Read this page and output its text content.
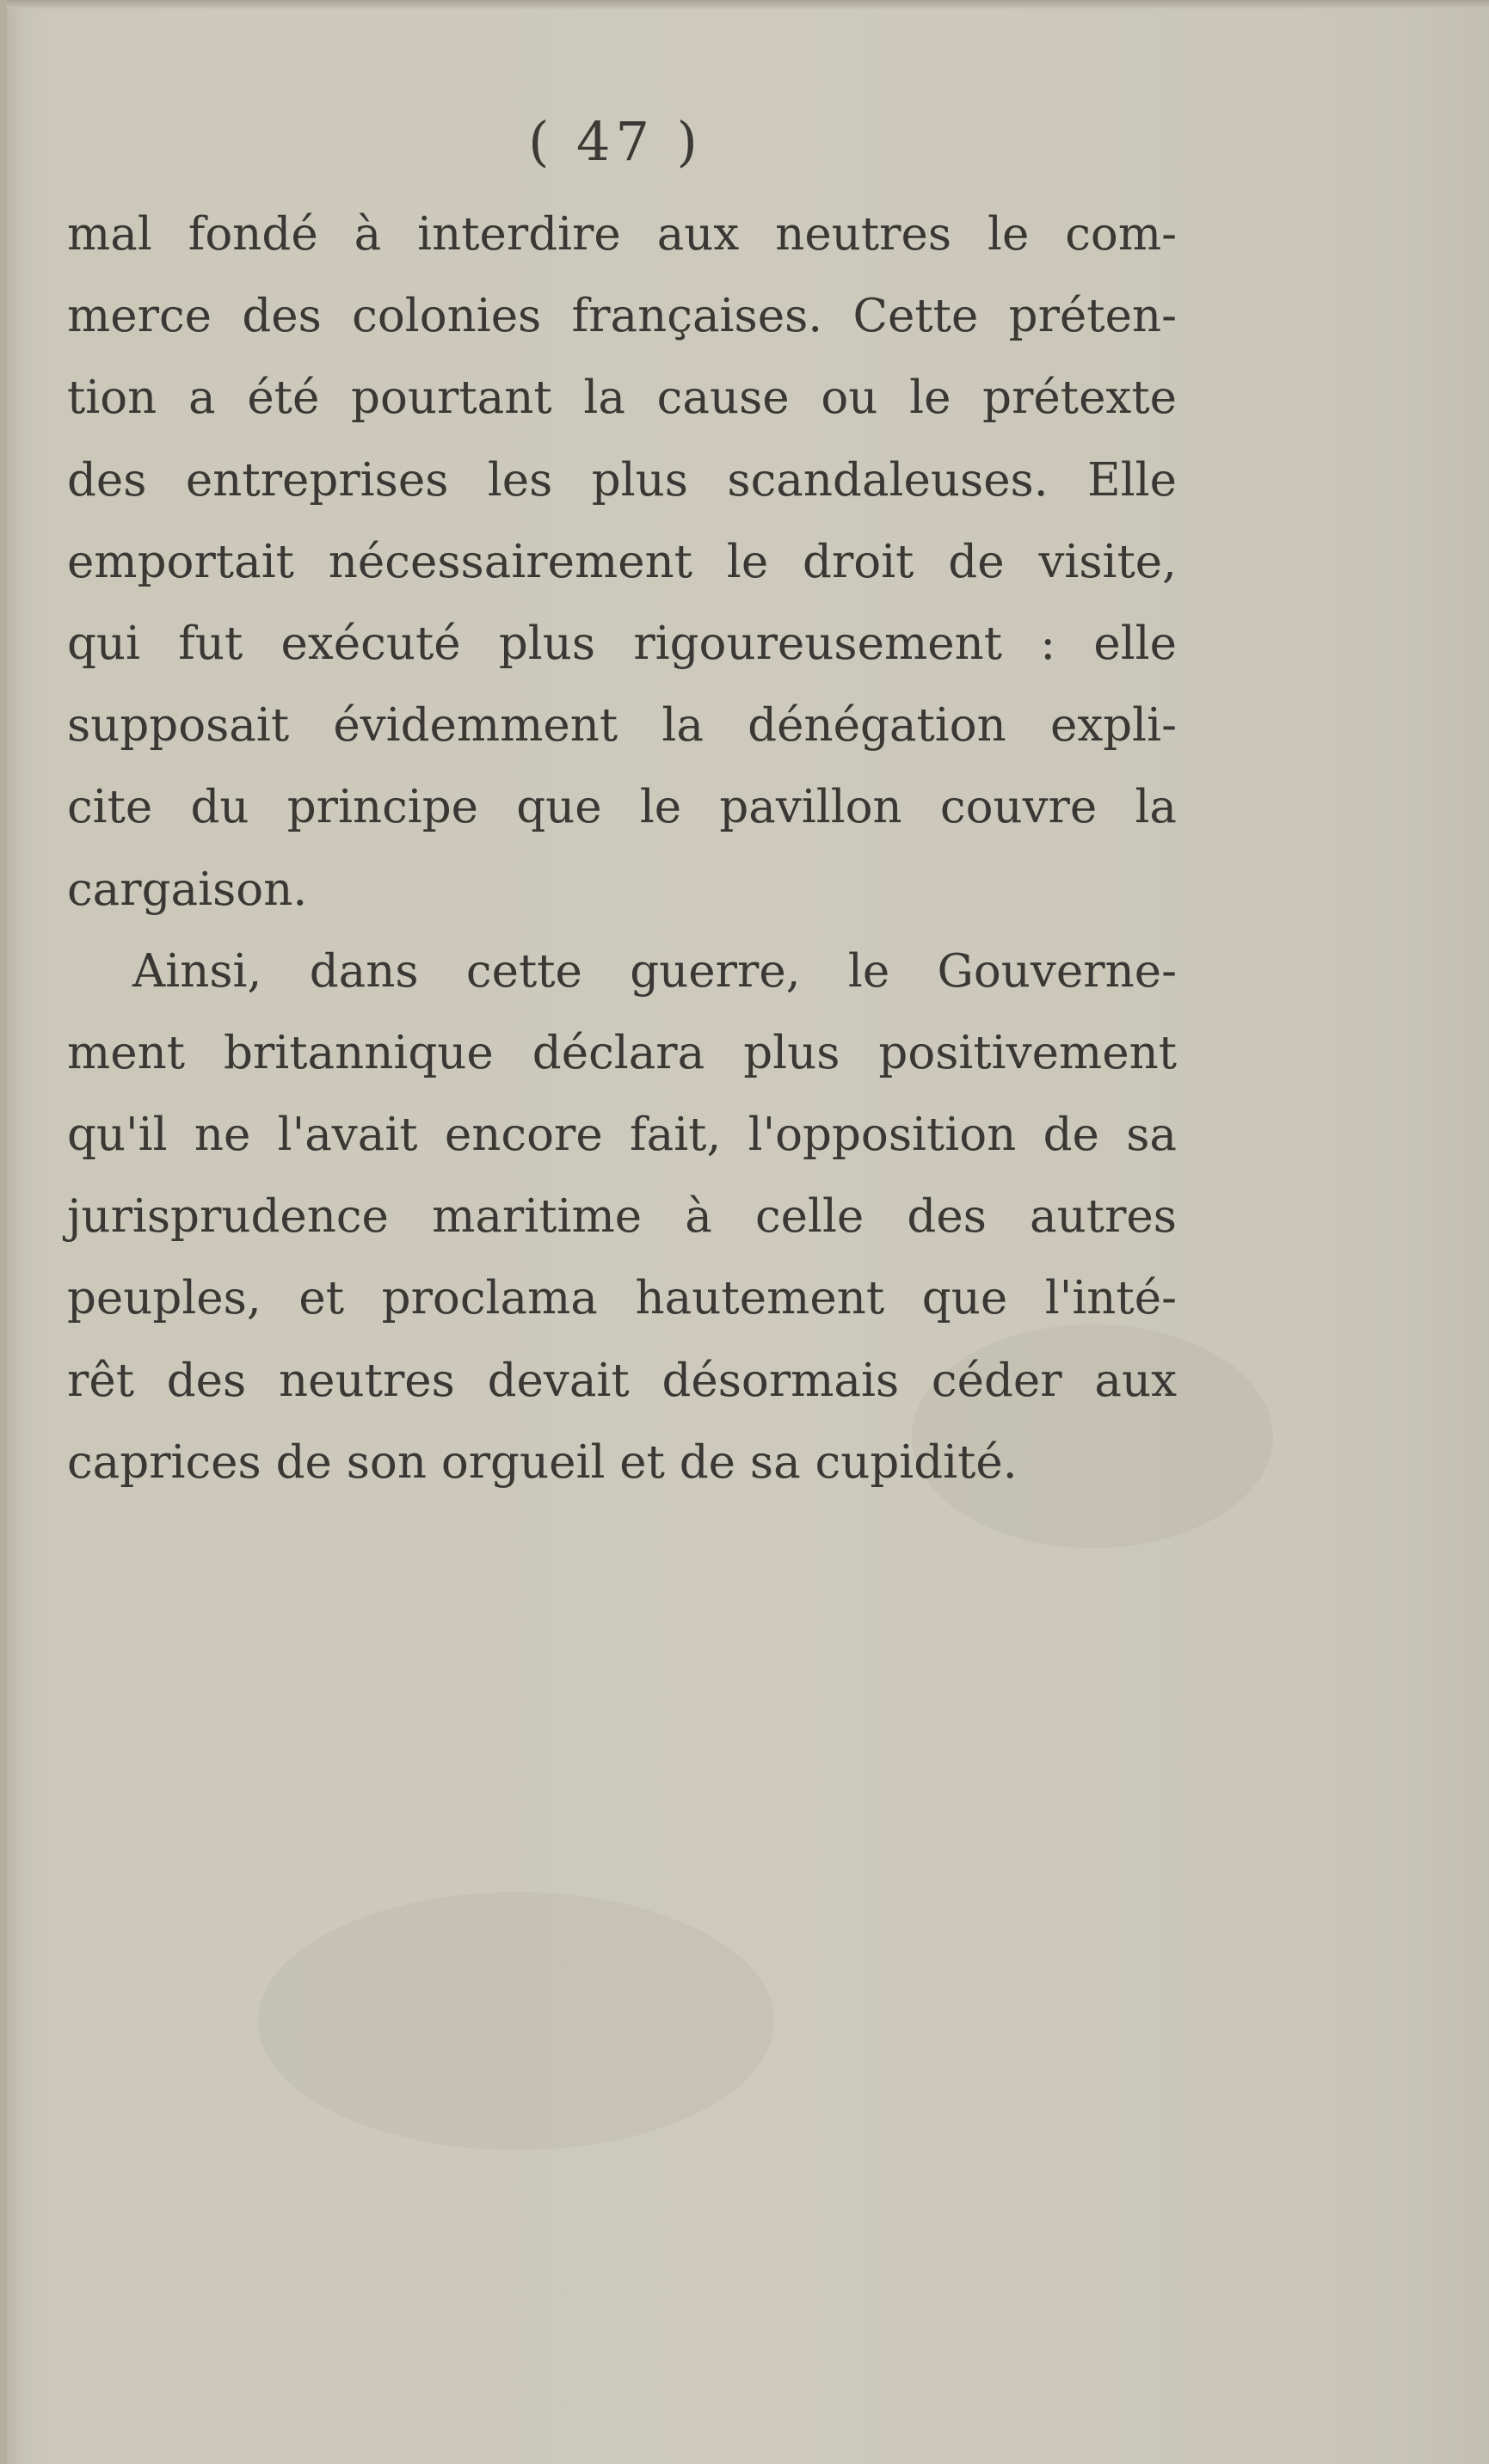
( 47 )
mal fondé à interdire aux neutres le com-
merce des colonies françaises. Cette préten-
tion a été pourtant la cause ou le prétexte
des entreprises les plus scandaleuses. Elle
emportait nécessairement le droit de visite,
qui fut exécuté plus rigoureusement : elle
supposait évidemment la dénégation expli-
cite du principe que le pavillon couvre la
cargaison.
Ainsi, dans cette guerre, le Gouverne-
ment britannique déclara plus positivement
qu'il ne l'avait encore fait, l'opposition de sa
jurisprudence maritime à celle des autres
peuples, et proclama hautement que l'inté-
rêt des neutres devait désormais céder aux
caprices de son orgueil et de sa cupidité.
